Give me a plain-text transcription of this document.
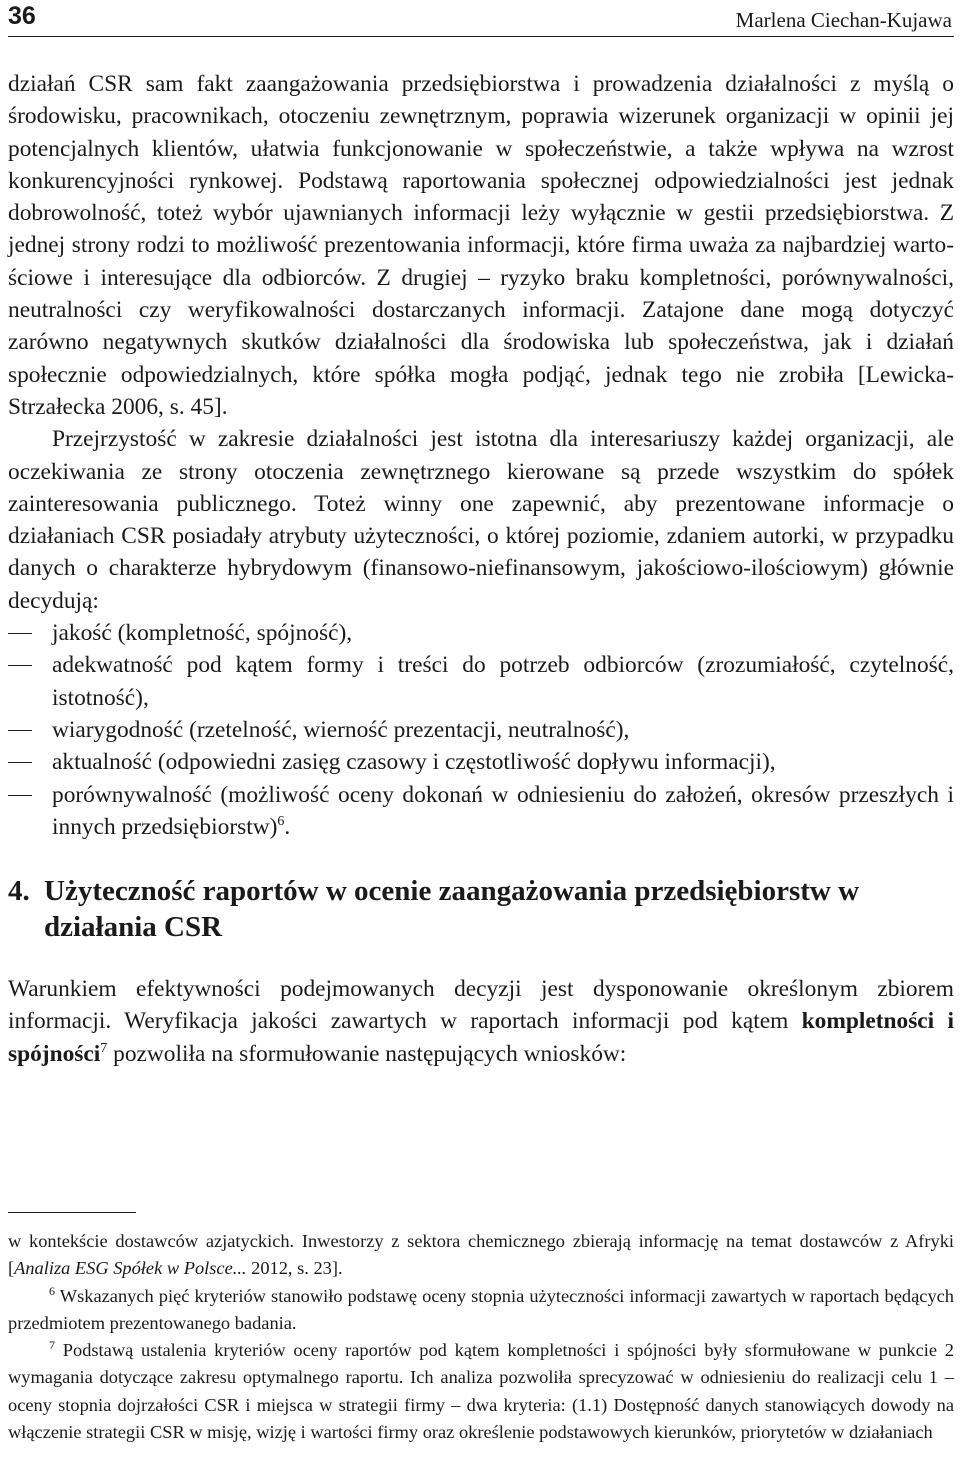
36	Marlena Ciechan-Kujawa

działań CSR sam fakt zaangażowania przedsiębiorstwa i prowadzenia działalności z myślą o środowisku, pracownikach, otoczeniu zewnętrznym, poprawia wizerunek organizacji w opinii jej potencjalnych klientów, ułatwia funkcjonowanie w społeczeństwie, a także wpływa na wzrost konkurencyjności rynkowej. Podstawą raportowania społecznej odpowiedzialności jest jednak dobrowolność, toteż wybór ujawnianych informacji leży wyłącznie w gestii przedsiębiorstwa. Z jednej strony rodzi to możliwość prezentowania informacji, które firma uważa za najbardziej wartościowe i interesujące dla odbiorców. Z drugiej – ryzyko braku kompletności, porównywalności, neutralności czy weryfikowalności dostarczanych informacji. Zatajone dane mogą dotyczyć zarówno negatywnych skutków działalności dla środowiska lub społeczeństwa, jak i działań społecznie odpowiedzialnych, które spółka mogła podjąć, jednak tego nie zrobiła [Lewicka-Strzałecka 2006, s. 45].

Przejrzystość w zakresie działalności jest istotna dla interesariuszy każdej organizacji, ale oczekiwania ze strony otoczenia zewnętrznego kierowane są przede wszystkim do spółek zainteresowania publicznego. Toteż winny one zapewnić, aby prezentowane informacje o działaniach CSR posiadały atrybuty użyteczności, o której poziomie, zdaniem autorki, w przypadku danych o charakterze hybrydowym (finansowo-niefinansowym, jakościowo-ilościowym) głównie decydują:

jakość (kompletność, spójność),
adekwatność pod kątem formy i treści do potrzeb odbiorców (zrozumiałość, czytelność, istotność),
wiarygodność (rzetelność, wierność prezentacji, neutralność),
aktualność (odpowiedni zasięg czasowy i częstotliwość dopływu informacji),
porównywalność (możliwość oceny dokonań w odniesieniu do założeń, okresów przeszłych i innych przedsiębiorstw)$^6$.
4. Użyteczność raportów w ocenie zaangażowania przedsiębiorstw w działania CSR

Warunkiem efektywności podejmowanych decyzji jest dysponowanie określonym zbiorem informacji. Weryfikacja jakości zawartych w raportach informacji pod kątem kompletności i spójności$^7$ pozwoliła na sformułowanie następujących wniosków:

w kontekście dostawców azjatyckich. Inwestorzy z sektora chemicznego zbierają informację na temat dostawców z Afryki [Analiza ESG Spółek w Polsce... 2012, s. 23].

$^6$ Wskazanych pięć kryteriów stanowiło podstawę oceny stopnia użyteczności informacji zawartych w raportach będących przedmiotem prezentowanego badania.

$^7$ Podstawą ustalenia kryteriów oceny raportów pod kątem kompletności i spójności były sformułowane w punkcie 2 wymagania dotyczące zakresu optymalnego raportu. Ich analiza pozwoliła sprecyzować w odniesieniu do realizacji celu 1 – oceny stopnia dojrzałości CSR i miejsca w strategii firmy – dwa kryteria: (1.1) Dostępność danych stanowiących dowody na włączenie strategii CSR w misję, wizję i wartości firmy oraz określenie podstawowych kierunków, priorytetów w działaniach
